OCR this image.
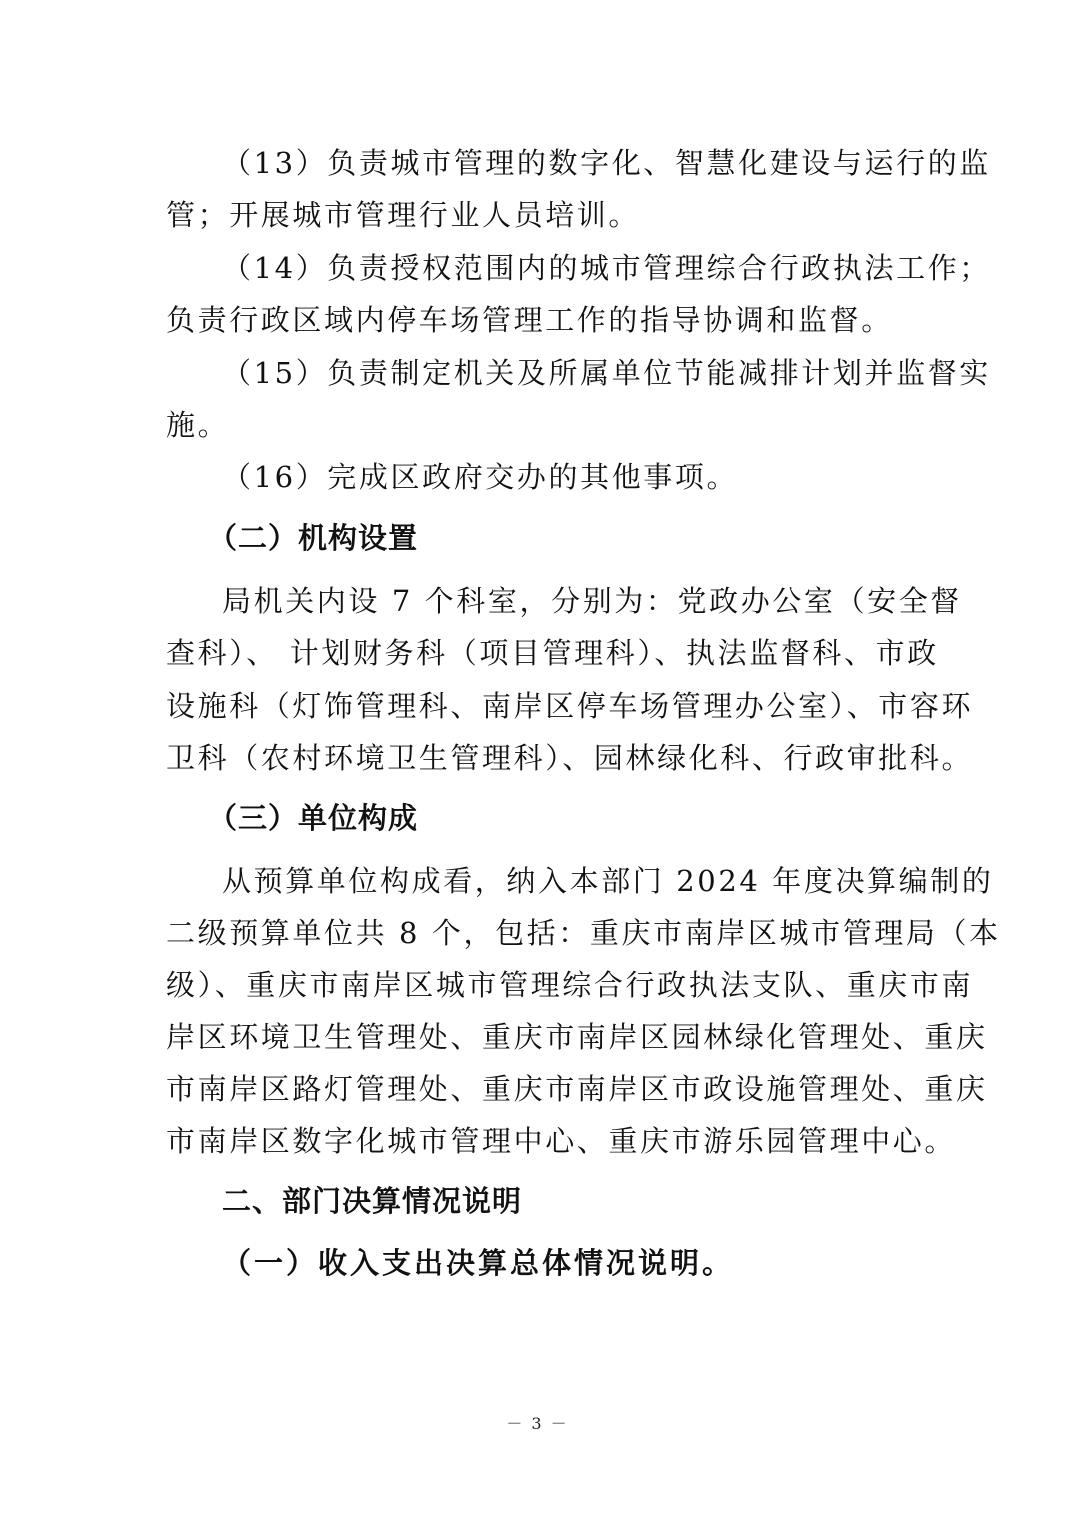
（13）负责城市管理的数字化、智慧化建设与运行的监
管；开展城市管理行业人员培训。
（14）负责授权范围内的城市管理综合行政执法工作；
负责行政区域内停车场管理工作的指导协调和监督。
（15）负责制定机关及所属单位节能减排计划并监督实
施。
（16）完成区政府交办的其他事项。
（二）机构设置
局机关内设 7 个科室，分别为：党政办公室（安全督
查科）、 计划财务科（项目管理科）、执法监督科、市政
设施科（灯饰管理科、南岸区停车场管理办公室）、市容环
卫科（农村环境卫生管理科）、园林绿化科、行政审批科。
（三）单位构成
从预算单位构成看，纳入本部门 2024 年度决算编制的
二级预算单位共 8 个，包括：重庆市南岸区城市管理局（本
级）、重庆市南岸区城市管理综合行政执法支队、重庆市南
岸区环境卫生管理处、重庆市南岸区园林绿化管理处、重庆
市南岸区路灯管理处、重庆市南岸区市政设施管理处、重庆
市南岸区数字化城市管理中心、重庆市游乐园管理中心。
二、部门决算情况说明
（一）收入支出决算总体情况说明。
－ 3 －
